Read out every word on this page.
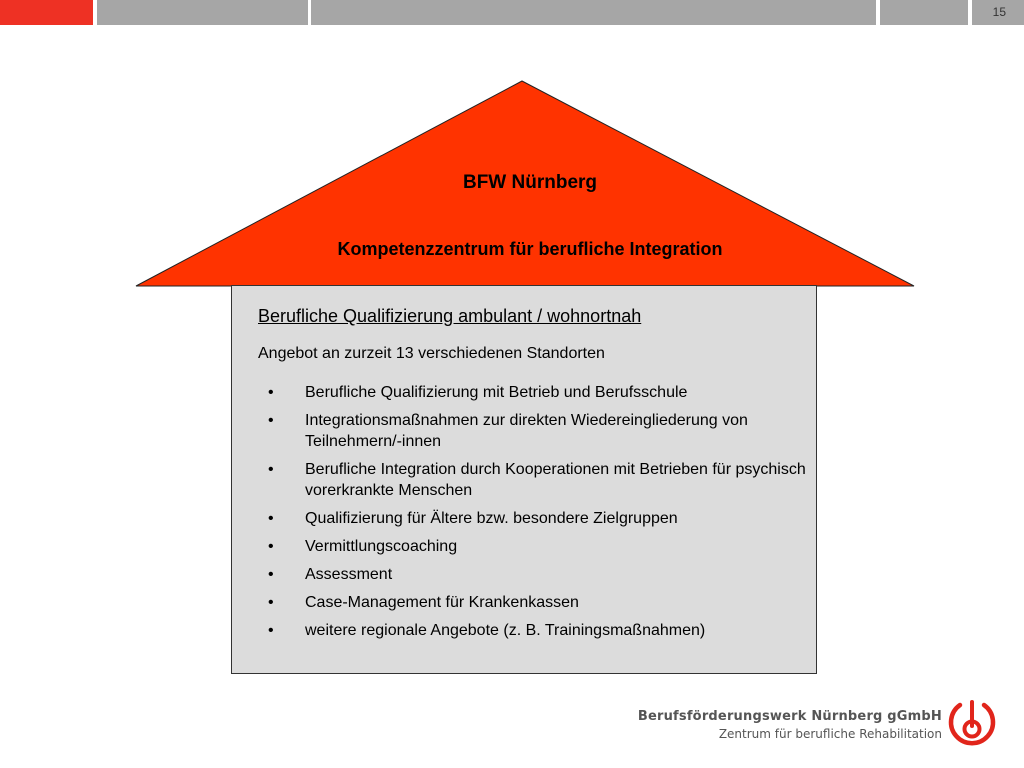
15
BFW Nürnberg
Kompetenzzentrum für berufliche Integration
Berufliche Qualifizierung ambulant / wohnortnah
Angebot an zurzeit 13 verschiedenen Standorten
• Berufliche Qualifizierung mit Betrieb und Berufsschule
• Integrationsmaßnahmen zur direkten Wiedereingliederung von Teilnehmern/-innen
• Berufliche Integration durch Kooperationen mit Betrieben für psychisch vorerkrankte Menschen
• Qualifizierung für Ältere bzw. besondere Zielgruppen
• Vermittlungscoaching
• Assessment
• Case-Management für Krankenkassen
• weitere regionale Angebote (z. B. Trainingsmaßnahmen)
Berufsförderungswerk Nürnberg gGmbH
Zentrum für berufliche Rehabilitation
